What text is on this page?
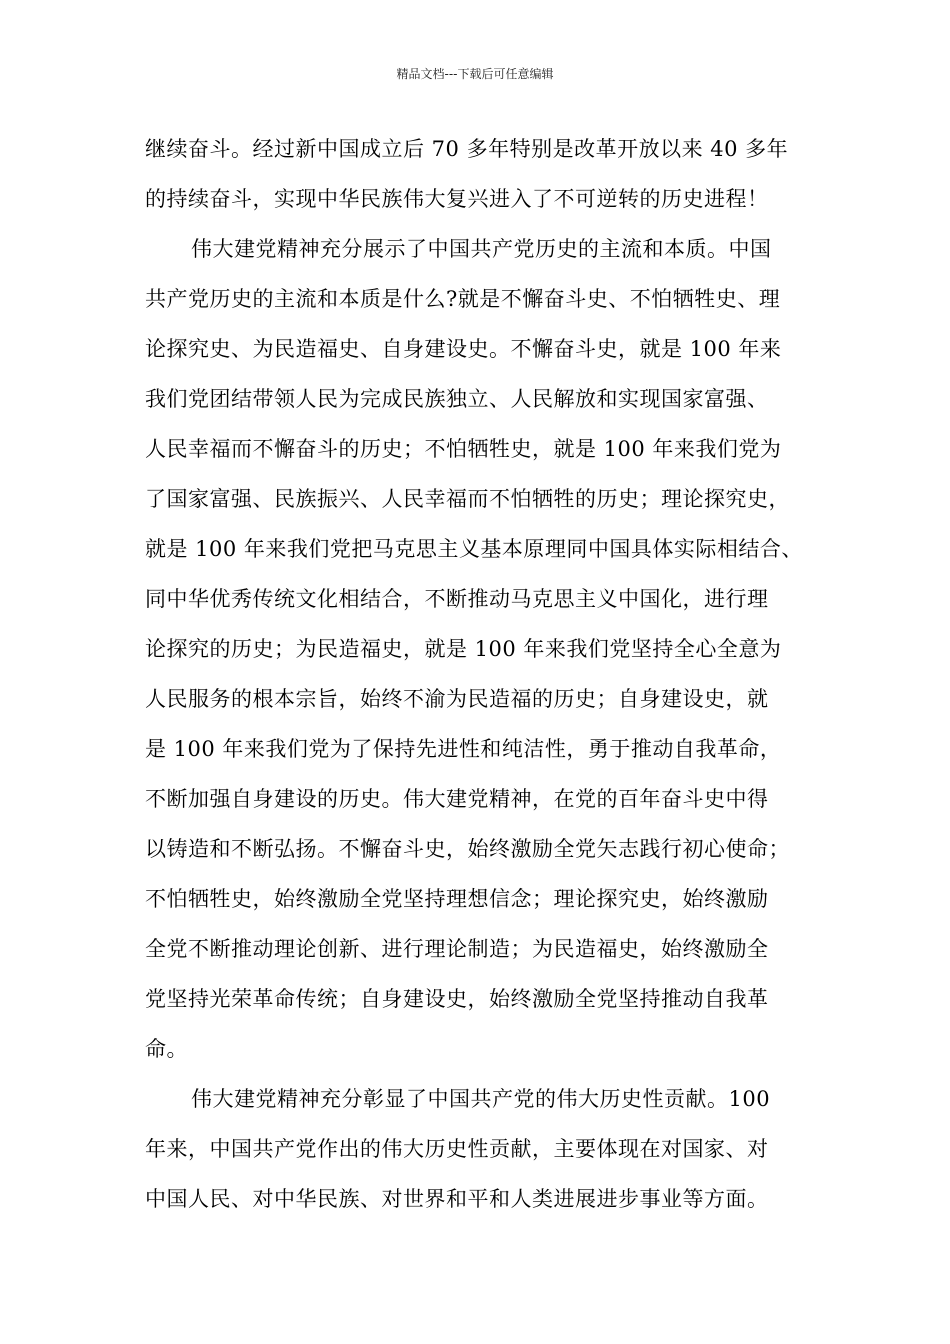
精品文档---下载后可任意编辑
继续奋斗。经过新中国成立后 70 多年特别是改革开放以来 40 多年
的持续奋斗，实现中华民族伟大复兴进入了不可逆转的历史进程！
伟大建党精神充分展示了中国共产党历史的主流和本质。中国
共产党历史的主流和本质是什么?就是不懈奋斗史、不怕牺牲史、理
论探究史、为民造福史、自身建设史。不懈奋斗史，就是 100 年来
我们党团结带领人民为完成民族独立、人民解放和实现国家富强、
人民幸福而不懈奋斗的历史；不怕牺牲史，就是 100 年来我们党为
了国家富强、民族振兴、人民幸福而不怕牺牲的历史；理论探究史，
就是 100 年来我们党把马克思主义基本原理同中国具体实际相结合、
同中华优秀传统文化相结合，不断推动马克思主义中国化，进行理
论探究的历史；为民造福史，就是 100 年来我们党坚持全心全意为
人民服务的根本宗旨，始终不渝为民造福的历史；自身建设史，就
是 100 年来我们党为了保持先进性和纯洁性，勇于推动自我革命，
不断加强自身建设的历史。伟大建党精神，在党的百年奋斗史中得
以铸造和不断弘扬。不懈奋斗史，始终激励全党矢志践行初心使命；
不怕牺牲史，始终激励全党坚持理想信念；理论探究史，始终激励
全党不断推动理论创新、进行理论制造；为民造福史，始终激励全
党坚持光荣革命传统；自身建设史，始终激励全党坚持推动自我革
命。
伟大建党精神充分彰显了中国共产党的伟大历史性贡献。100
年来，中国共产党作出的伟大历史性贡献，主要体现在对国家、对
中国人民、对中华民族、对世界和平和人类进展进步事业等方面。
